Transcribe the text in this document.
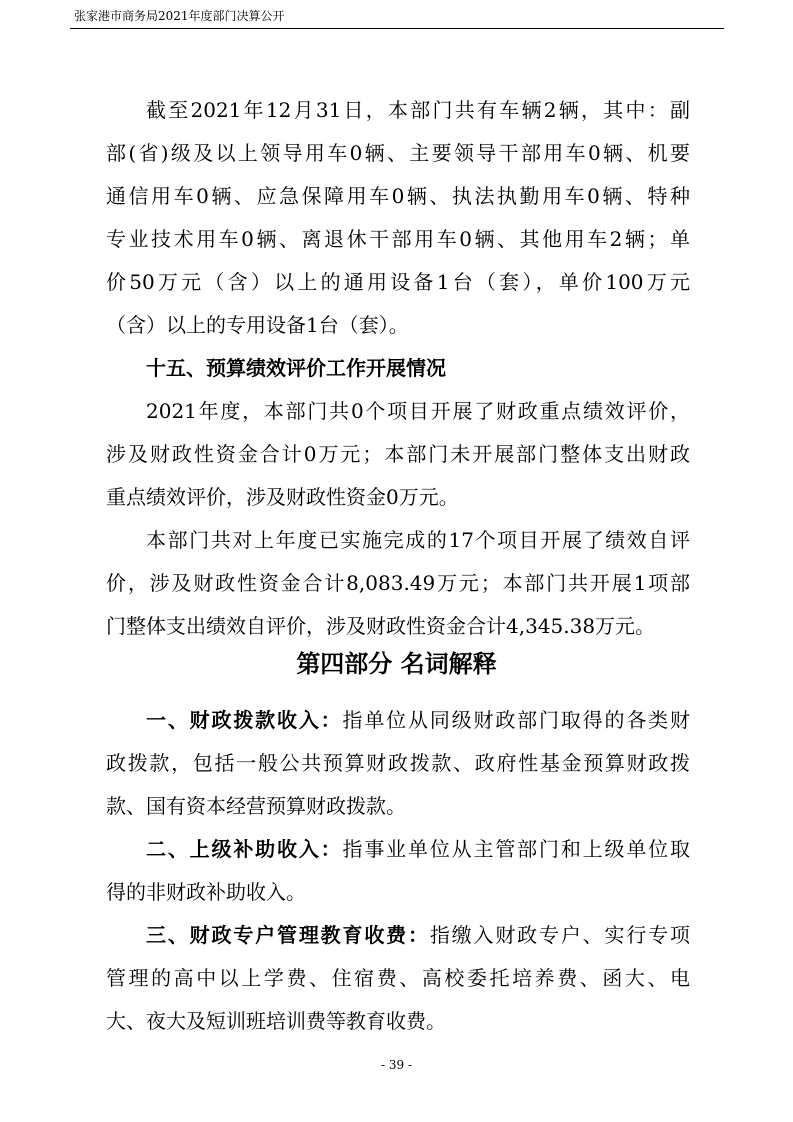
张家港市商务局2021年度部门决算公开
截至2021年12月31日，本部门共有车辆2辆，其中：副
部(省)级及以上领导用车0辆、主要领导干部用车0辆、机要
通信用车0辆、应急保障用车0辆、执法执勤用车0辆、特种
专业技术用车0辆、离退休干部用车0辆、其他用车2辆；单
价50万元（含）以上的通用设备1台（套），单价100万元
（含）以上的专用设备1台（套）。
十五、预算绩效评价工作开展情况
2021年度，本部门共0个项目开展了财政重点绩效评价，
涉及财政性资金合计0万元；本部门未开展部门整体支出财政
重点绩效评价，涉及财政性资金0万元。
本部门共对上年度已实施完成的17个项目开展了绩效自评
价，涉及财政性资金合计8,083.49万元；本部门共开展1项部
门整体支出绩效自评价，涉及财政性资金合计4,345.38万元。
第四部分 名词解释
一、财政拨款收入：指单位从同级财政部门取得的各类财
政拨款，包括一般公共预算财政拨款、政府性基金预算财政拨
款、国有资本经营预算财政拨款。
二、上级补助收入：指事业单位从主管部门和上级单位取
得的非财政补助收入。
三、财政专户管理教育收费：指缴入财政专户、实行专项
管理的高中以上学费、住宿费、高校委托培养费、函大、电
大、夜大及短训班培训费等教育收费。
- 39 -
